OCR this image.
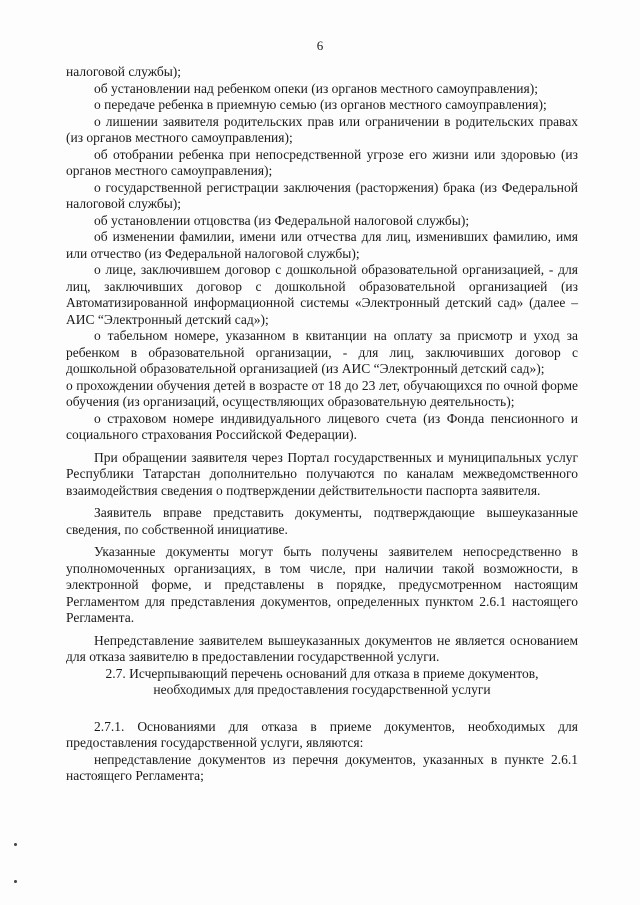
6

налоговой службы);

об установлении над ребенком опеки (из органов местного самоуправления);

о передаче ребенка в приемную семью (из органов местного самоуправления);

о лишении заявителя родительских прав или ограничении в родительских правах (из органов местного самоуправления);

об отобрании ребенка при непосредственной угрозе его жизни или здоровью (из органов местного самоуправления);

о государственной регистрации заключения (расторжения) брака (из Федеральной налоговой службы);

об установлении отцовства (из Федеральной налоговой службы);

об изменении фамилии, имени или отчества для лиц, изменивших фамилию, имя или отчество (из Федеральной налоговой службы);

о лице, заключившем договор с дошкольной образовательной организацией, - для лиц, заключивших договор с дошкольной образовательной организацией (из Автоматизированной информационной системы «Электронный детский сад» (далее – АИС “Электронный детский сад»);

о табельном номере, указанном в квитанции на оплату за присмотр и уход за ребенком в образовательной организации, - для лиц, заключивших договор с дошкольной образовательной организацией (из АИС “Электронный детский сад»);

о прохождении обучения детей в возрасте от 18 до 23 лет, обучающихся по очной форме обучения (из организаций, осуществляющих образовательную деятельность);

о страховом номере индивидуального лицевого счета (из Фонда пенсионного и социального страхования Российской Федерации).

При обращении заявителя через Портал государственных и муниципальных услуг Республики Татарстан дополнительно получаются по каналам межведомственного взаимодействия сведения о подтверждении действительности паспорта заявителя.

Заявитель вправе представить документы, подтверждающие вышеуказанные сведения, по собственной инициативе.

Указанные документы могут быть получены заявителем непосредственно в уполномоченных организациях, в том числе, при наличии такой возможности, в электронной форме, и представлены в порядке, предусмотренном настоящим Регламентом для представления документов, определенных пунктом 2.6.1 настоящего Регламента.

Непредставление заявителем вышеуказанных документов не является основанием для отказа заявителю в предоставлении государственной услуги.

2.7. Исчерпывающий перечень оснований для отказа в приеме документов, необходимых для предоставления государственной услуги

2.7.1. Основаниями для отказа в приеме документов, необходимых для предоставления государственной услуги, являются:

непредставление документов из перечня документов, указанных в пункте 2.6.1 настоящего Регламента;
